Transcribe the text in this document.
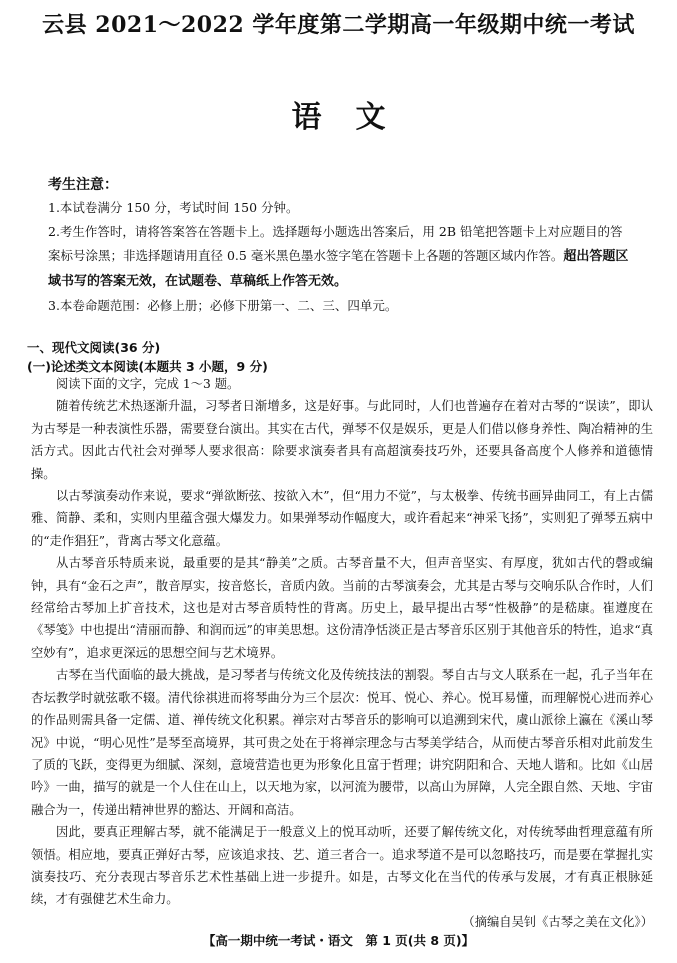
云县 2021～2022 学年度第二学期高一年级期中统一考试
语文
考生注意：

1.本试卷满分 150 分，考试时间 150 分钟。

2.考生作答时，请将答案答在答题卡上。选择题每小题选出答案后，用 2B 铅笔把答题卡上对应题目的答案标号涂黑；非选择题请用直径 0.5 毫米黑色墨水签字笔在答题卡上各题的答题区域内作答。超出答题区域书写的答案无效，在试题卷、草稿纸上作答无效。

3.本卷命题范围：必修上册；必修下册第一、二、三、四单元。

一、现代文阅读(36 分)
(一)论述类文本阅读(本题共 3 小题，9 分)

阅读下面的文字，完成 1～3 题。

随着传统艺术热逐渐升温，习琴者日渐增多，这是好事。与此同时，人们也普遍存在着对古琴的“误读”，即认为古琴是一种表演性乐器，需要登台演出。其实在古代，弹琴不仅是娱乐，更是人们借以修身养性、陶冶精神的生活方式。因此古代社会对弹琴人要求很高：除要求演奏者具有高超演奏技巧外，还要具备高度个人修养和道德情操。

以古琴演奏动作来说，要求“弹欲断弦、按欲入木”，但“用力不觉”，与太极拳、传统书画异曲同工，有上古儒雅、简静、柔和，实则内里蕴含强大爆发力。如果弹琴动作幅度大，或许看起来“神采飞扬”，实则犯了弹琴五病中的“走作猖狂”，背离古琴文化意蕴。

从古琴音乐特质来说，最重要的是其“静美”之质。古琴音量不大，但声音坚实、有厚度，犹如古代的磬或编钟，具有“金石之声”，散音厚实，按音悠长，音质内敛。当前的古琴演奏会，尤其是古琴与交响乐队合作时，人们经常给古琴加上扩音技术，这也是对古琴音质特性的背离。历史上，最早提出古琴“性极静”的是嵇康。崔遵度在《琴笺》中也提出“清丽而静、和润而远”的审美思想。这份清净恬淡正是古琴音乐区别于其他音乐的特性，追求“真空妙有”，追求更深远的思想空间与艺术境界。

古琴在当代面临的最大挑战，是习琴者与传统文化及传统技法的割裂。琴自古与文人联系在一起，孔子当年在杏坛教学时就弦歌不辍。清代徐祺进而将琴曲分为三个层次：悦耳、悦心、养心。悦耳易懂，而理解悦心进而养心的作品则需具备一定儒、道、禅传统文化积累。禅宗对古琴音乐的影响可以追溯到宋代，虞山派徐上瀛在《溪山琴况》中说，“明心见性”是琴至高境界，其可贵之处在于将禅宗理念与古琴美学结合，从而使古琴音乐相对此前发生了质的飞跃，变得更为细腻、深刻，意境营造也更为形象化且富于哲理；讲究阴阳和合、天地人谐和。比如《山居吟》一曲，描写的就是一个人住在山上，以天地为家，以河流为腰带，以高山为屏障，人完全跟自然、天地、宇宙融合为一，传递出精神世界的豁达、开阔和高洁。

因此，要真正理解古琴，就不能满足于一般意义上的悦耳动听，还要了解传统文化，对传统琴曲哲理意蕴有所领悟。相应地，要真正弹好古琴，应该追求技、艺、道三者合一。追求琴道不是可以忽略技巧，而是要在掌握扎实演奏技巧、充分表现古琴音乐艺术性基础上进一步提升。如是，古琴文化在当代的传承与发展，才有真正根脉延续，才有强健艺术生命力。

（摘编自吴钊《古琴之美在文化》）

【高一期中统一考试・语文　第 1 页(共 8 页)】
